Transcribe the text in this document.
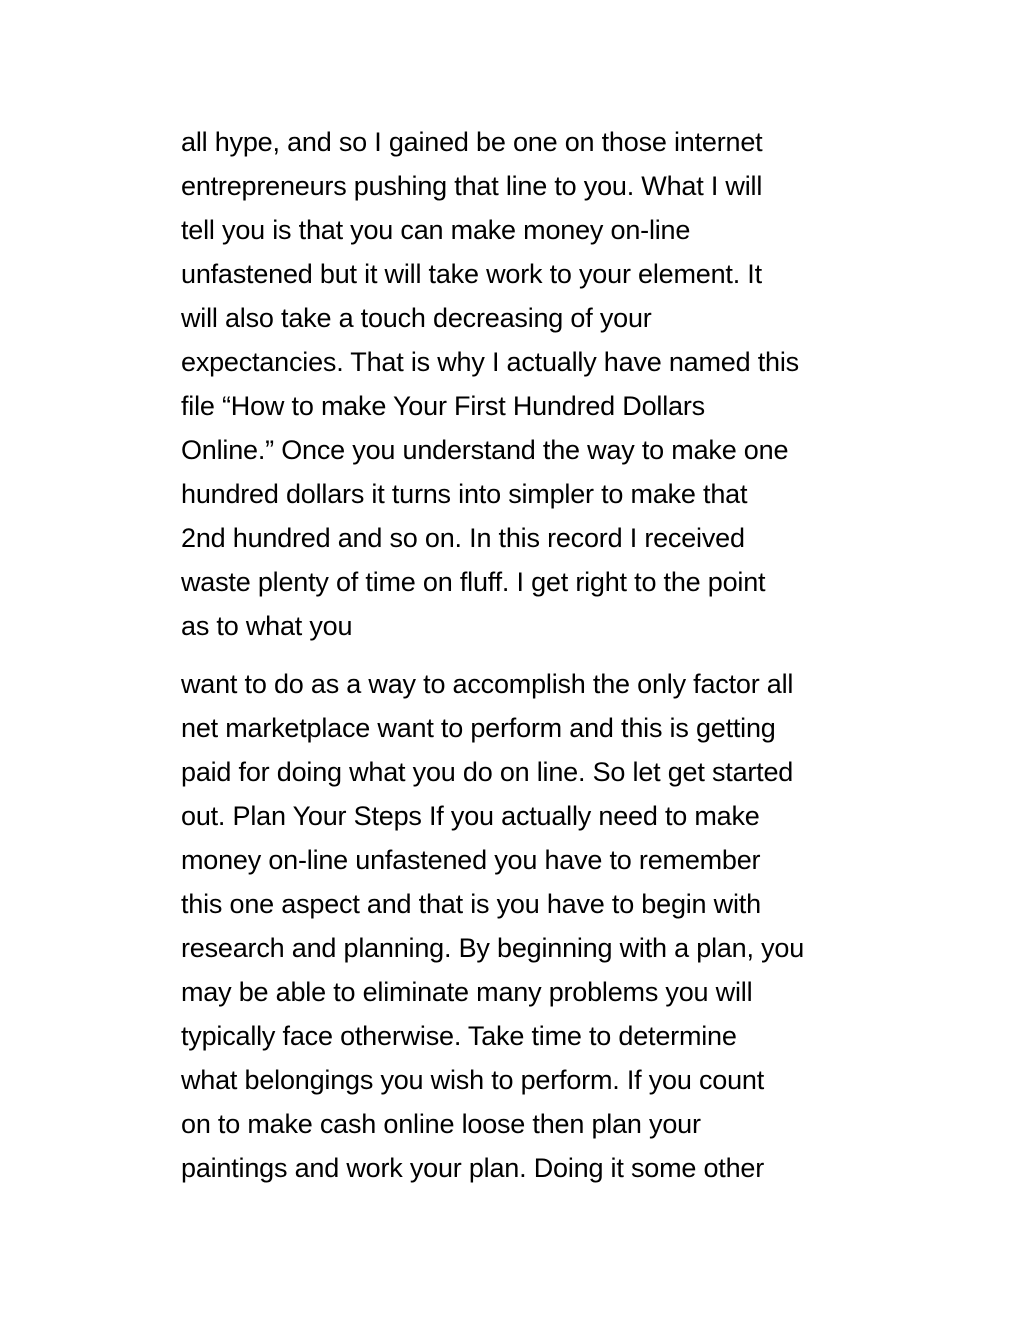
all hype, and so I gained be one on those internet
entrepreneurs pushing that line to you. What I will
tell you is that you can make money on-line
unfastened but it will take work to your element. It
will also take a touch decreasing of your
expectancies. That is why I actually have named this
file “How to make Your First Hundred Dollars
Online.” Once you understand the way to make one
hundred dollars it turns into simpler to make that
2nd hundred and so on. In this record I received
waste plenty of time on fluff. I get right to the point
as to what you

want to do as a way to accomplish the only factor all
net marketplace want to perform and this is getting
paid for doing what you do on line. So let get started
out. Plan Your Steps If you actually need to make
money on-line unfastened you have to remember
this one aspect and that is you have to begin with
research and planning. By beginning with a plan, you
may be able to eliminate many problems you will
typically face otherwise. Take time to determine
what belongings you wish to perform. If you count
on to make cash online loose then plan your
paintings and work your plan. Doing it some other
